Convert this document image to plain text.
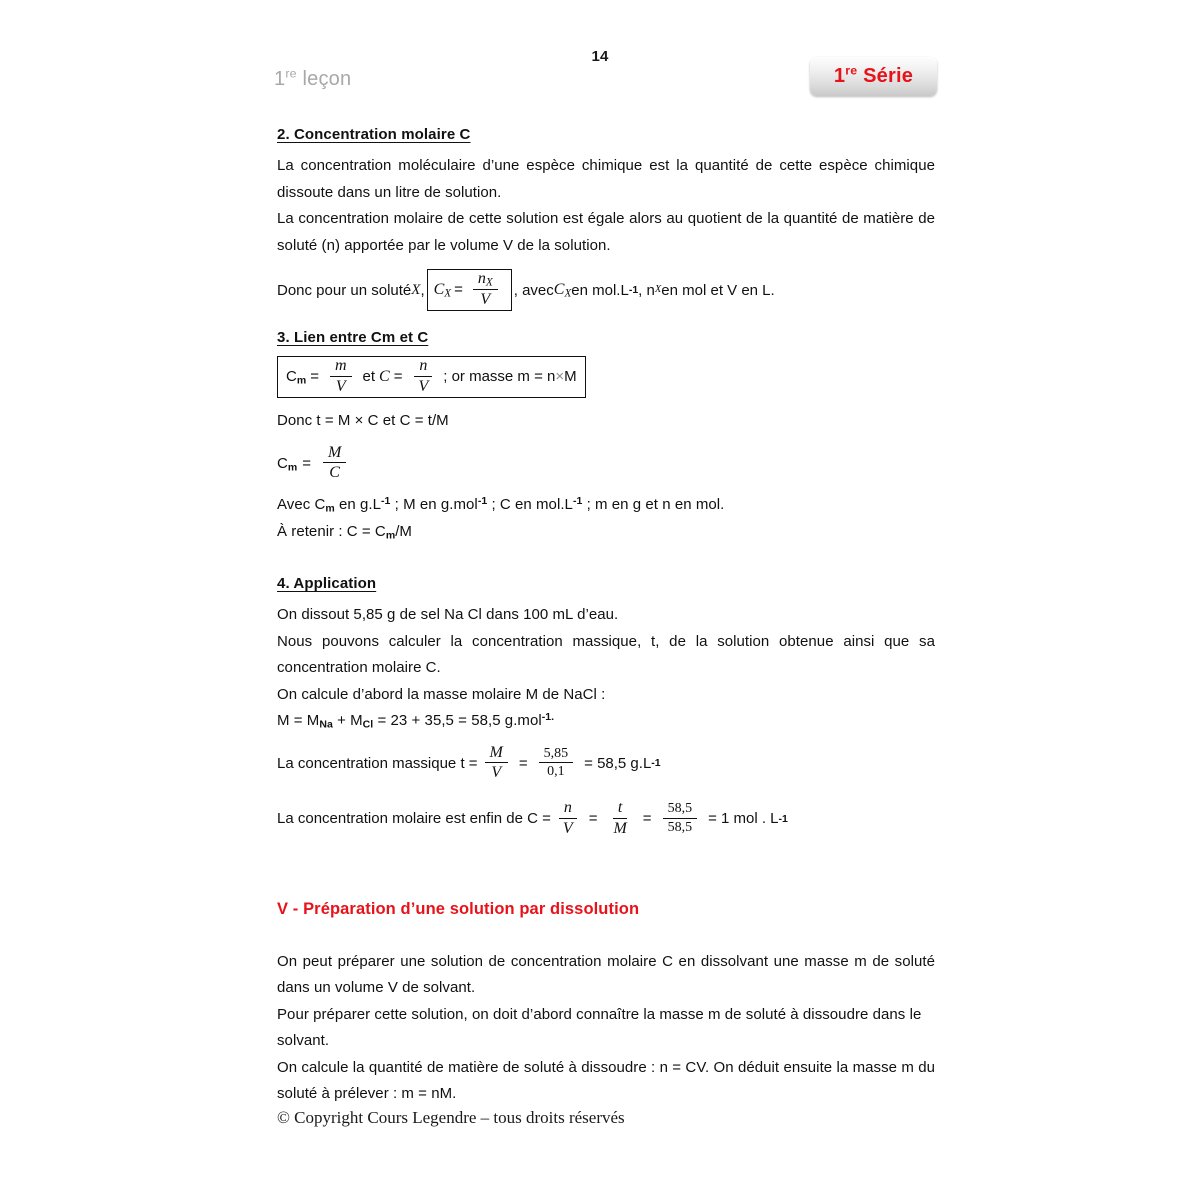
14
1re leçon	1re Série
2. Concentration molaire C

La concentration moléculaire d’une espèce chimique est la quantité de cette espèce chimique dissoute dans un litre de solution.

La concentration molaire de cette solution est égale alors au quotient de la quantité de matière de soluté (n) apportée par le volume V de la solution.

Donc pour un soluté X , $C_X = \frac{n_X}{V}$ , avec $C_X$ en mol.L -1 , n X en mol et V en L.
3. Lien entre Cm et C
$C_m = \frac{m}{V}$ et $C = \frac{n}{V}$ ; or masse m = n × M

Donc t = M × C et C = t/M

$C_m = \frac{M}{C}$

Avec $C_m$ en $g.L^{-1}$ ; M en g.mol$^{-1}$ ; C en $mol.L^{-1}$ ; m en g et n en mol.

À retenir : $C = C_m/M$

4. Application

On dissout 5,85 g de sel Na Cl dans 100 mL d’eau.

Nous pouvons calculer la concentration massique, t, de la solution obtenue ainsi que sa concentration molaire C.

On calcule d’abord la masse molaire M de NaCl :

$M = M_{Na} + M_{Cl} = 23 + 35,5 = 58,5$ g.mol$^{-1.}$

La concentration massique $t = \frac{M}{V} = \frac{5,85}{0,1} = 58,5$ g.L -1
La concentration molaire est enfin de $C = \frac{n}{V} = \frac{t}{M} = \frac{58,5}{58,5} = 1$ mol . L -1
V - Préparation d’une solution par dissolution

On peut préparer une solution de concentration molaire C en dissolvant une masse m de soluté dans un volume V de solvant.

Pour préparer cette solution, on doit d’abord connaître la masse m de soluté à dissoudre dans le solvant.

On calcule la quantité de matière de soluté à dissoudre : n = CV. On déduit ensuite la masse m du soluté à prélever : m = nM.

© Copyright Cours Legendre – tous droits réservés
